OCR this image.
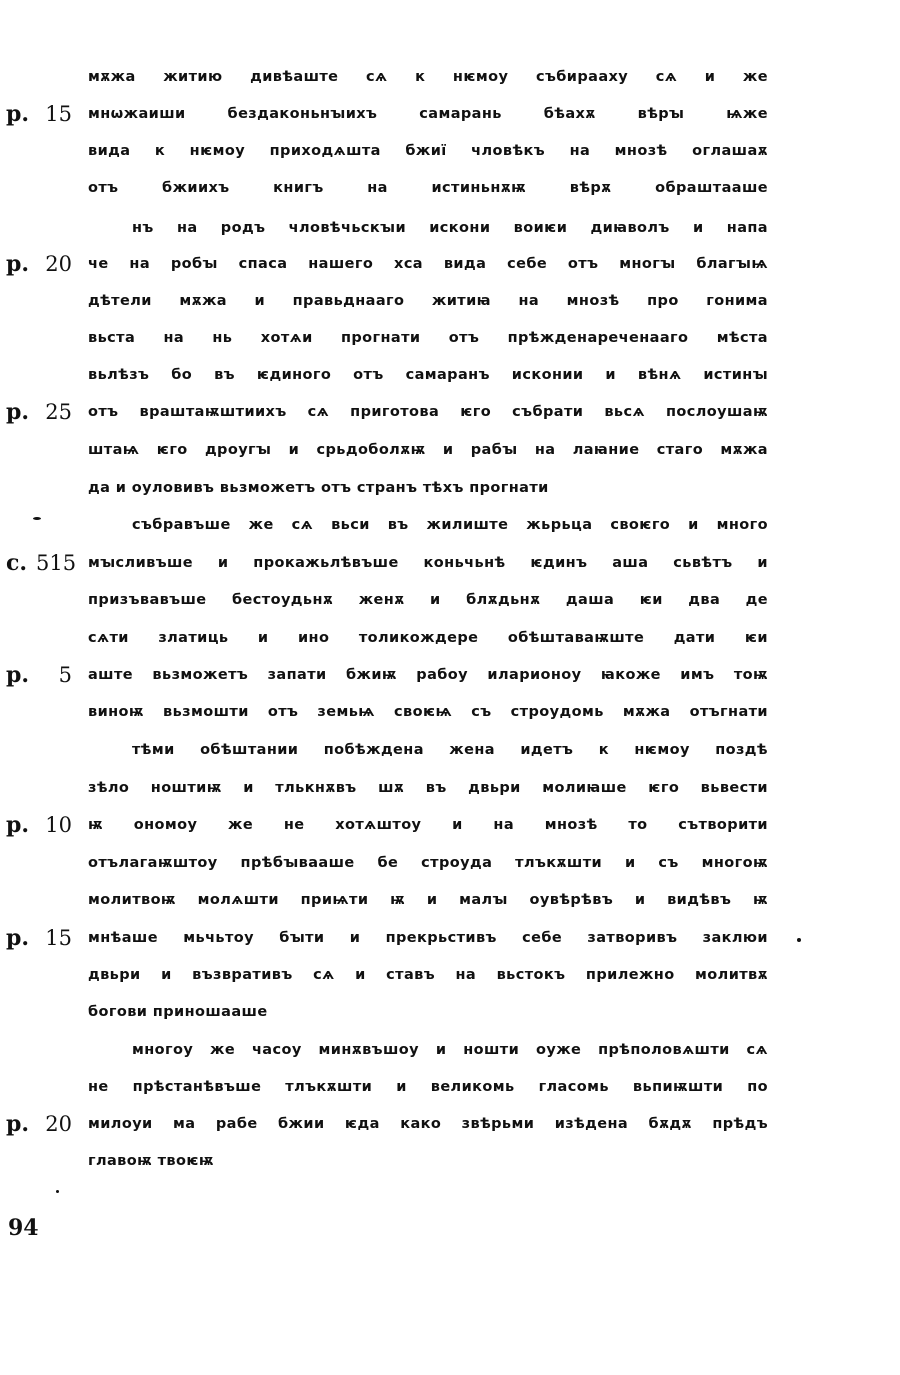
мѫжа житию дивѣаште сѧ к нѥмоу събирааху сѧ и же
р. 15 мнѡжаиши бездаконьнꙑихъ самарань бѣахѫ вѣрꙑ ѩже
вида к нѥмоу приходѧшта бжиї чловѣкъ на мнозѣ оглашаѫ
отъ бжиихъ книгъ на истиньнѫѭ вѣрѫ обраштааше
нъ на родъ чловѣчьскꙑи искони воиѥи диꙗволъ и напа
р. 20 че на робꙑ спаса нашего хса вида себе отъ многꙑ благꙑѩ
дѣтели мѫжа и правьднааго житиꙗ на мнозѣ про гонима
вьста на нь хотѧи прогнати отъ прѣжденареченааго мѣста
вьлѣзъ бо въ ѥдиного отъ самаранъ исконии и вѣнѧ истинꙑ
р. 25 отъ враштаѭштиихъ сѧ приготова ѥго събрати вьсѧ послоушаѭ
штаѩ ѥго дроугꙑ и срьдоболѫѭ и рабꙑ на лаꙗние стаго мѫжа
да и оуловивъ вьзможетъ отъ странъ тѣхъ прогнати
събравъше же сѧ вьси въ жилиште жьрьца своѥго и много
с. 515 мꙑсливъше и прокажьлѣвъше коньчьнѣ ѥдинъ аша сьвѣтъ и
призъвавъше бестоудьнѫ женѫ и блѫдьнѫ даша ѥи два де
сѧти златиць и ино толикождере обѣштаваѭште дати ѥи
р.	5 аште вьзможетъ запати бжиѭ рабоу иларионоу ꙗкоже имъ тоѭ
виноѭ вьзмошти отъ земьѩ своѥѩ съ строудомь мѫжа отъгнати
тѣми обѣштании побѣждена жена идетъ к нѥмоу поздѣ
зѣло ноштиѭ и тлькнѫвъ шѫ въ двьри молиꙗше ѥго вьвести
р. 10 ѭ ономоу же не хотѧштоу и на мнозѣ то сътворити
отълагаѭштоу прѣбꙑвааше бе строуда тлъкѫшти и съ многоѭ
молитвоѭ молѧшти приѩти ѭ и малꙑ оувѣрѣвъ и видѣвъ ѭ
р. 15 мнѣаше мьчьтоу бꙑти и прекрьстивъ себе затворивъ заклюи
двьри и възвративъ сѧ и ставъ на вьстокъ прилежно молитвѫ
богови приношааше
многоу же часоу минѫвъшоу и ношти оуже прѣполовѧшти сѧ
не прѣстанѣвъше тлъкѫшти и великомь гласомь вьпиѭшти по
р. 20 милоуи ма рабе бжии ѥда како звѣрьми изѣдена бѫдѫ прѣдъ
главоѭ твоѥѭ
94
